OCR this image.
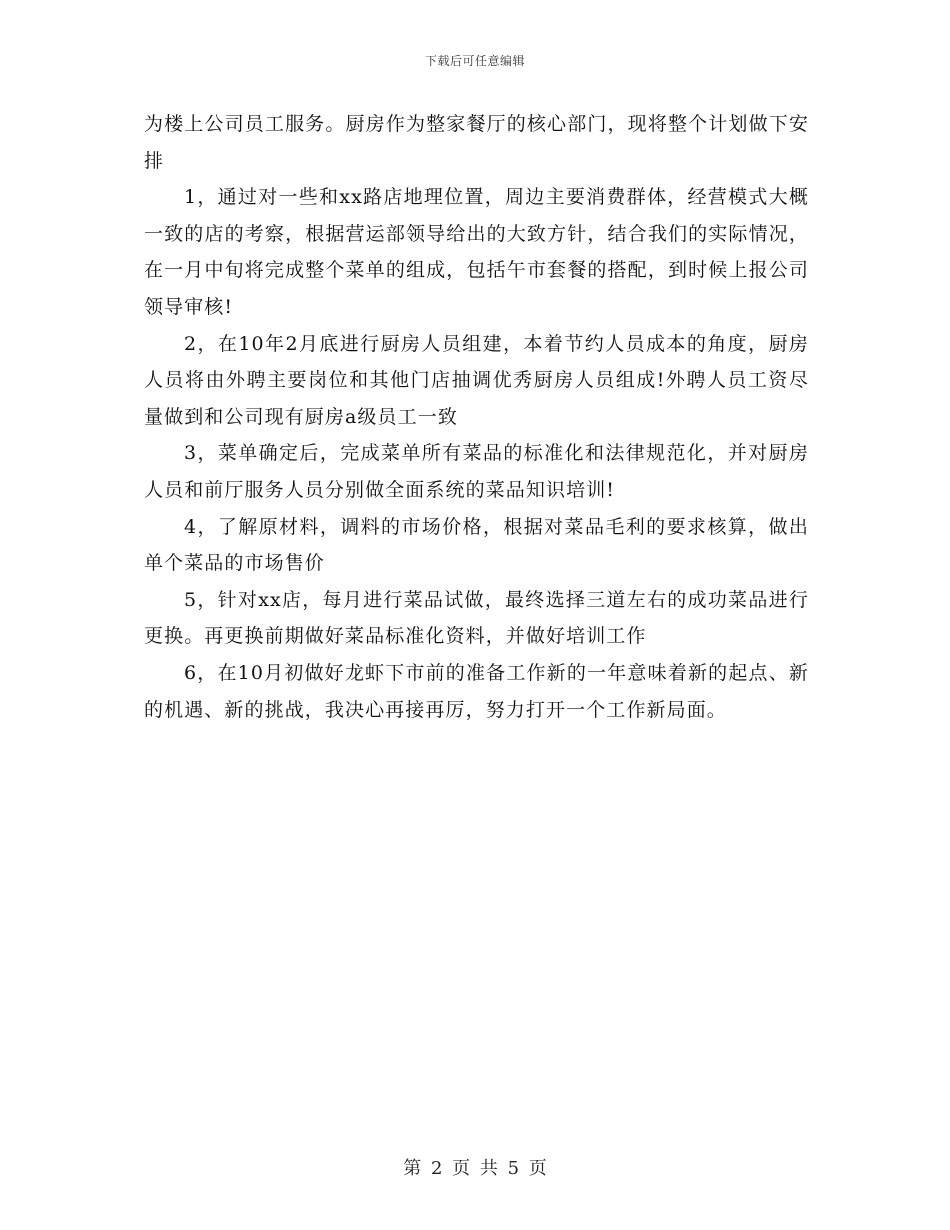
下载后可任意编辑

为楼上公司员工服务。厨房作为整家餐厅的核心部门，现将整个计划做下安排

1，通过对一些和xx路店地理位置，周边主要消费群体，经营模式大概一致的店的考察，根据营运部领导给出的大致方针，结合我们的实际情况，在一月中旬将完成整个菜单的组成，包括午市套餐的搭配，到时候上报公司领导审核!

2，在10年2月底进行厨房人员组建，本着节约人员成本的角度，厨房人员将由外聘主要岗位和其他门店抽调优秀厨房人员组成!外聘人员工资尽量做到和公司现有厨房a级员工一致

3，菜单确定后，完成菜单所有菜品的标准化和法律规范化，并对厨房人员和前厅服务人员分别做全面系统的菜品知识培训!

4，了解原材料，调料的市场价格，根据对菜品毛利的要求核算，做出单个菜品的市场售价

5，针对xx店，每月进行菜品试做，最终选择三道左右的成功菜品进行更换。再更换前期做好菜品标准化资料，并做好培训工作

6，在10月初做好龙虾下市前的准备工作新的一年意味着新的起点、新的机遇、新的挑战，我决心再接再厉，努力打开一个工作新局面。

第 2 页 共 5 页
